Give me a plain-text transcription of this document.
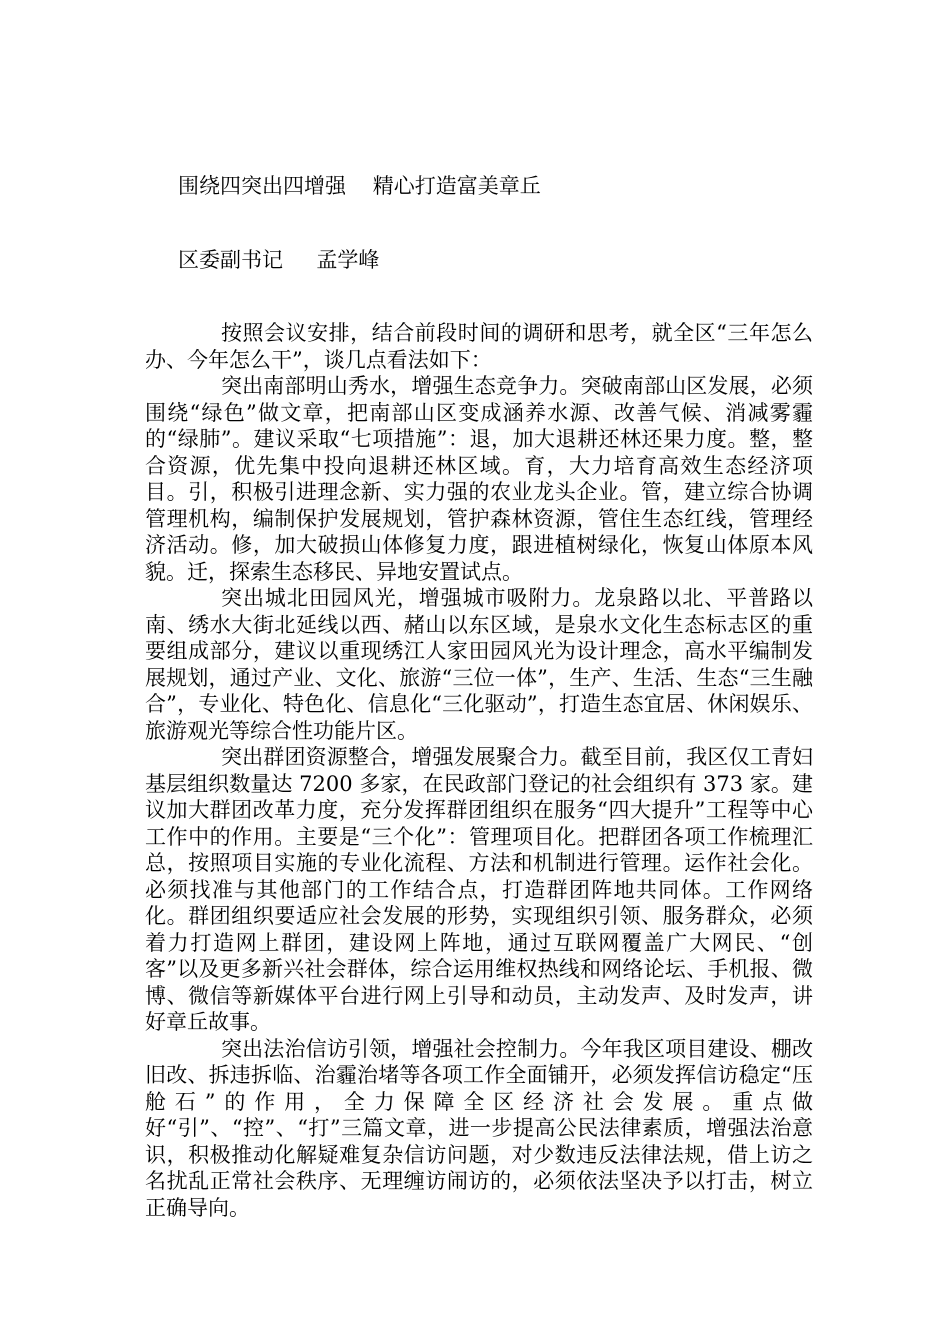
围绕四突出四增强    精心打造富美章丘
区委副书记     孟学峰

按照会议安排，结合前段时间的调研和思考，就全区“三年怎么办、今年怎么干”，谈几点看法如下：

突出南部明山秀水，增强生态竞争力。突破南部山区发展，必须围绕“绿色”做文章，把南部山区变成涵养水源、改善气候、消减雾霾的“绿肺”。建议采取“七项措施”：退，加大退耕还林还果力度。整，整合资源，优先集中投向退耕还林区域。育，大力培育高效生态经济项目。引，积极引进理念新、实力强的农业龙头企业。管，建立综合协调管理机构，编制保护发展规划，管护森林资源，管住生态红线，管理经济活动。修，加大破损山体修复力度，跟进植树绿化，恢复山体原本风貌。迁，探索生态移民、异地安置试点。

突出城北田园风光，增强城市吸附力。龙泉路以北、平普路以南、绣水大街北延线以西、赭山以东区域，是泉水文化生态标志区的重要组成部分，建议以重现绣江人家田园风光为设计理念，高水平编制发展规划，通过产业、文化、旅游“三位一体”，生产、生活、生态“三生融合”，专业化、特色化、信息化“三化驱动”，打造生态宜居、休闲娱乐、旅游观光等综合性功能片区。

突出群团资源整合，增强发展聚合力。截至目前，我区仅工青妇基层组织数量达 7200 多家，在民政部门登记的社会组织有 373 家。建议加大群团改革力度，充分发挥群团组织在服务“四大提升”工程等中心工作中的作用。主要是“三个化”：管理项目化。把群团各项工作梳理汇总，按照项目实施的专业化流程、方法和机制进行管理。运作社会化。必须找准与其他部门的工作结合点，打造群团阵地共同体。工作网络化。群团组织要适应社会发展的形势，实现组织引领、服务群众，必须着力打造网上群团，建设网上阵地，通过互联网覆盖广大网民、“创客”以及更多新兴社会群体，综合运用维权热线和网络论坛、手机报、微博、微信等新媒体平台进行网上引导和动员，主动发声、及时发声，讲好章丘故事。

突出法治信访引领，增强社会控制力。今年我区项目建设、棚改旧改、拆违拆临、治霾治堵等各项工作全面铺开，必须发挥信访稳定“压舱石”的作用，全力保障全区经济社会发展。重点做好“引”、“控”、“打”三篇文章，进一步提高公民法律素质，增强法治意识，积极推动化解疑难复杂信访问题，对少数违反法律法规，借上访之名扰乱正常社会秩序、无理缠访闹访的，必须依法坚决予以打击，树立正确导向。
